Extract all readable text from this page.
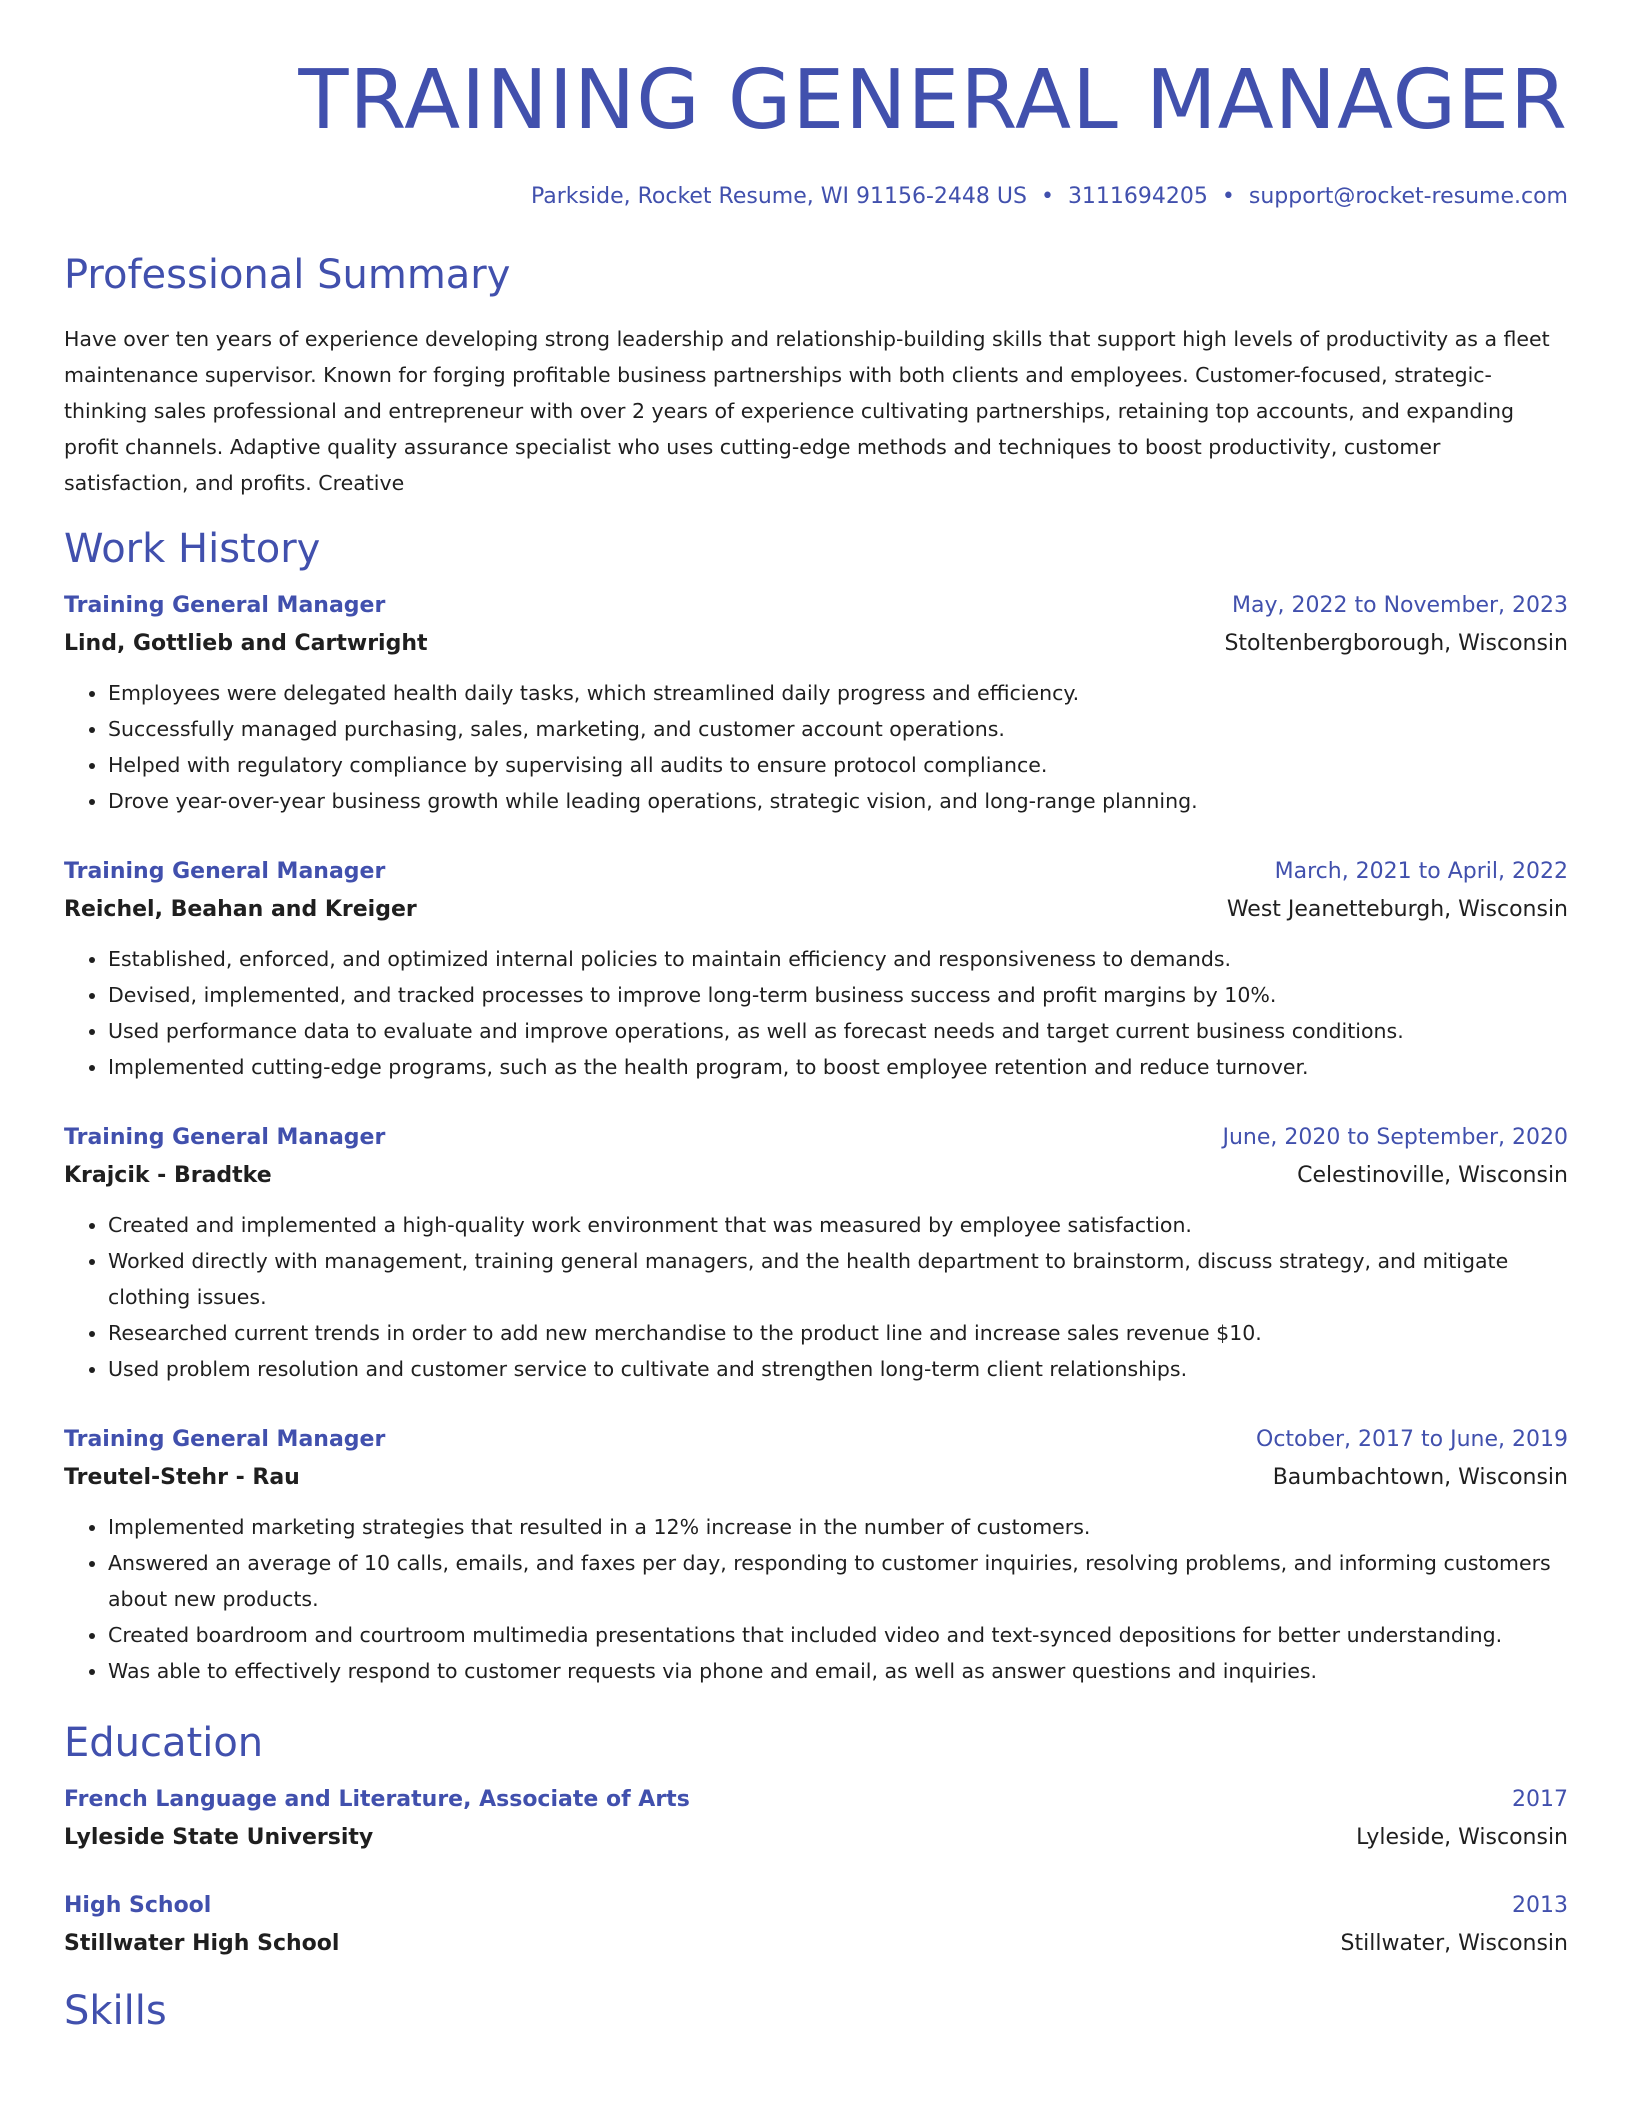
TRAINING GENERAL MANAGER
Parkside, Rocket Resume, WI 91156-2448 US • 3111694205 • support@rocket-resume.com
Professional Summary
Have over ten years of experience developing strong leadership and relationship-building skills that support high levels of productivity as a fleet maintenance supervisor. Known for forging profitable business partnerships with both clients and employees. Customer-focused, strategic-thinking sales professional and entrepreneur with over 2 years of experience cultivating partnerships, retaining top accounts, and expanding profit channels. Adaptive quality assurance specialist who uses cutting-edge methods and techniques to boost productivity, customer satisfaction, and profits. Creative
Work History
Training General Manager	May, 2022 to November, 2023
Lind, Gottlieb and Cartwright	Stoltenbergborough, Wisconsin
• Employees were delegated health daily tasks, which streamlined daily progress and efficiency.
• Successfully managed purchasing, sales, marketing, and customer account operations.
• Helped with regulatory compliance by supervising all audits to ensure protocol compliance.
• Drove year-over-year business growth while leading operations, strategic vision, and long-range planning.
Training General Manager	March, 2021 to April, 2022
Reichel, Beahan and Kreiger	West Jeanetteburgh, Wisconsin
• Established, enforced, and optimized internal policies to maintain efficiency and responsiveness to demands.
• Devised, implemented, and tracked processes to improve long-term business success and profit margins by 10%.
• Used performance data to evaluate and improve operations, as well as forecast needs and target current business conditions.
• Implemented cutting-edge programs, such as the health program, to boost employee retention and reduce turnover.
Training General Manager	June, 2020 to September, 2020
Krajcik - Bradtke	Celestinoville, Wisconsin
• Created and implemented a high-quality work environment that was measured by employee satisfaction.
• Worked directly with management, training general managers, and the health department to brainstorm, discuss strategy, and mitigate clothing issues.
• Researched current trends in order to add new merchandise to the product line and increase sales revenue $10.
• Used problem resolution and customer service to cultivate and strengthen long-term client relationships.
Training General Manager	October, 2017 to June, 2019
Treutel-Stehr - Rau	Baumbachtown, Wisconsin
• Implemented marketing strategies that resulted in a 12% increase in the number of customers.
• Answered an average of 10 calls, emails, and faxes per day, responding to customer inquiries, resolving problems, and informing customers about new products.
• Created boardroom and courtroom multimedia presentations that included video and text-synced depositions for better understanding.
• Was able to effectively respond to customer requests via phone and email, as well as answer questions and inquiries.
Education
French Language and Literature, Associate of Arts	2017
Lyleside State University	Lyleside, Wisconsin
High School	2013
Stillwater High School	Stillwater, Wisconsin
Skills
